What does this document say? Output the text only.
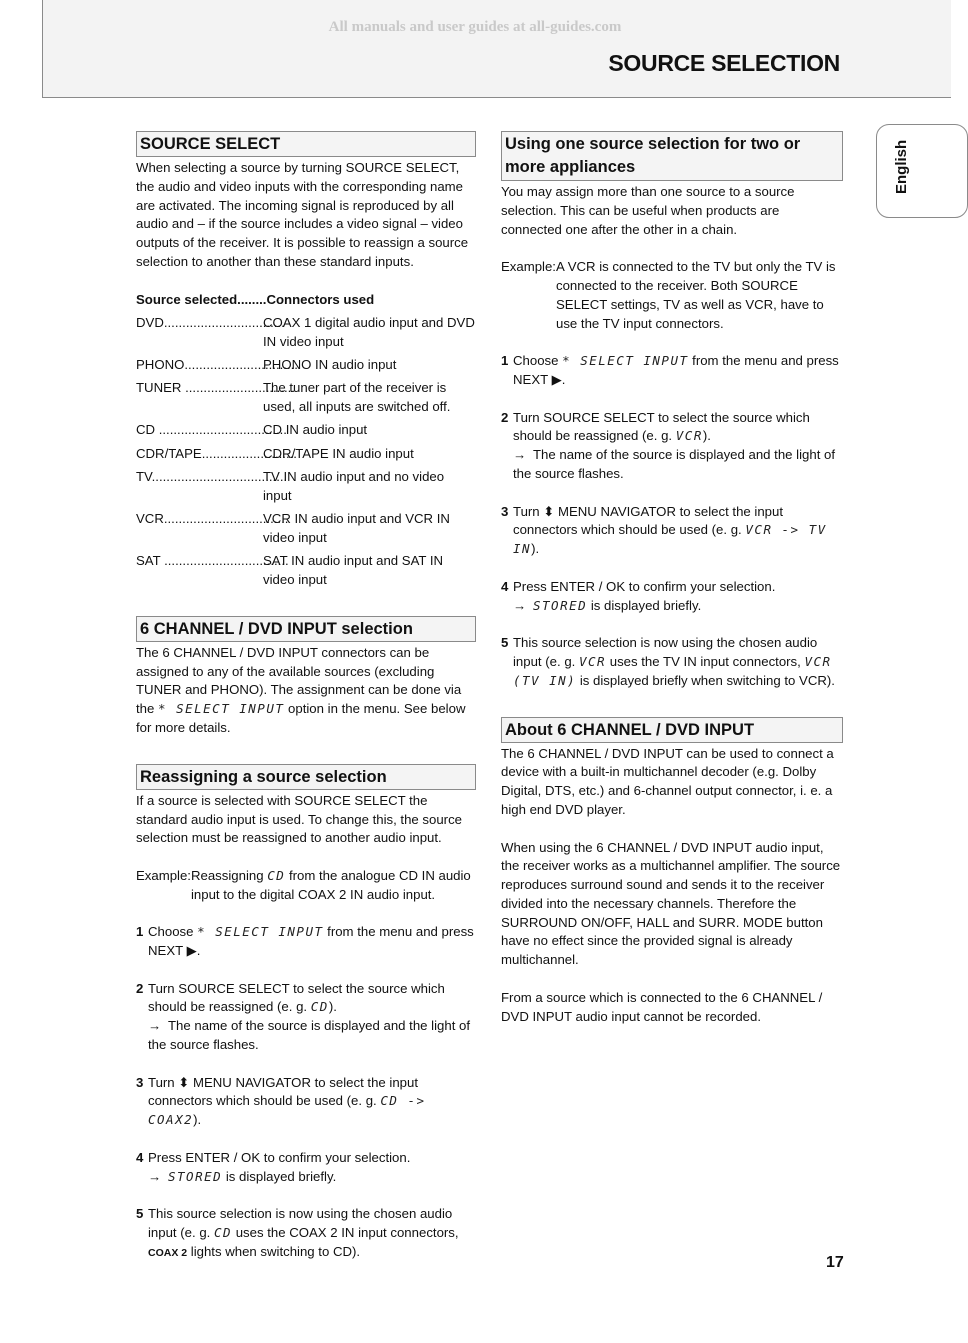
All manuals and user guides at all-guides.com
SOURCE SELECTION
English
SOURCE SELECT

When selecting a source by turning SOURCE SELECT, the audio and video inputs with the corresponding name are activated. The incoming signal is reproduced by all audio and – if the source includes a video signal – video outputs of the receiver. It is possible to reassign a source selection to another than these standard inputs.

Source selected........Connectors used
DVD.................................
COAX 1 digital audio input and DVD IN video input
PHONO...............................
PHONO IN audio input
TUNER ..............................
The tuner part of the receiver is used, all inputs are switched off.
CD ...................................
CD IN audio input
CDR/TAPE..........................
CDR/TAPE IN audio input
TV.....................................
TV IN audio input and no video input
VCR..................................
VCR IN audio input and VCR IN video input
SAT ..................................
SAT IN audio input and SAT IN video input
6 CHANNEL / DVD INPUT selection

The 6 CHANNEL / DVD INPUT connectors can be assigned to any of the available sources (excluding TUNER and PHONO). The assignment can be done via the * SELECT INPUT option in the menu. See below for more details.

Reassigning a source selection

If a source is selected with SOURCE SELECT the standard audio input is used. To change this, the source selection must be reassigned to another audio input.

Example: Reassigning CD from the analogue CD IN audio input to the digital COAX 2 IN audio input.
1 Choose * SELECT INPUT from the menu and press NEXT ▶.
2 Turn SOURCE SELECT to select the source which should be reassigned (e. g. CD).
→ The name of the source is displayed and the light of the source flashes.
3 Turn ⬍ MENU NAVIGATOR to select the input connectors which should be used (e. g. CD -> COAX2).
4 Press ENTER / OK to confirm your selection.
→ STORED is displayed briefly.
5 This source selection is now using the chosen audio input (e. g. CD uses the COAX 2 IN input connectors, COAX 2 lights when switching to CD).
Using one source selection for two or more appliances

You may assign more than one source to a source selection. This can be useful when products are connected one after the other in a chain.

Example: A VCR is connected to the TV but only the TV is connected to the receiver. Both SOURCE SELECT settings, TV as well as VCR, have to use the TV input connectors.
1 Choose * SELECT INPUT from the menu and press NEXT ▶.
2 Turn SOURCE SELECT to select the source which should be reassigned (e. g. VCR).
→ The name of the source is displayed and the light of the source flashes.
3 Turn ⬍ MENU NAVIGATOR to select the input connectors which should be used (e. g. VCR -> TV IN).
4 Press ENTER / OK to confirm your selection.
→ STORED is displayed briefly.
5 This source selection is now using the chosen audio input (e. g. VCR uses the TV IN input connectors, VCR (TV IN) is displayed briefly when switching to VCR).
About 6 CHANNEL / DVD INPUT

The 6 CHANNEL / DVD INPUT can be used to connect a device with a built-in multichannel decoder (e.g. Dolby Digital, DTS, etc.) and 6-channel output connector, i. e. a high end DVD player.

When using the 6 CHANNEL / DVD INPUT audio input, the receiver works as a multichannel amplifier. The source reproduces surround sound and sends it to the receiver divided into the necessary channels. Therefore the SURROUND ON/OFF, HALL and SURR. MODE button have no effect since the provided signal is already multichannel.

From a source which is connected to the 6 CHANNEL / DVD INPUT audio input cannot be recorded.

17
